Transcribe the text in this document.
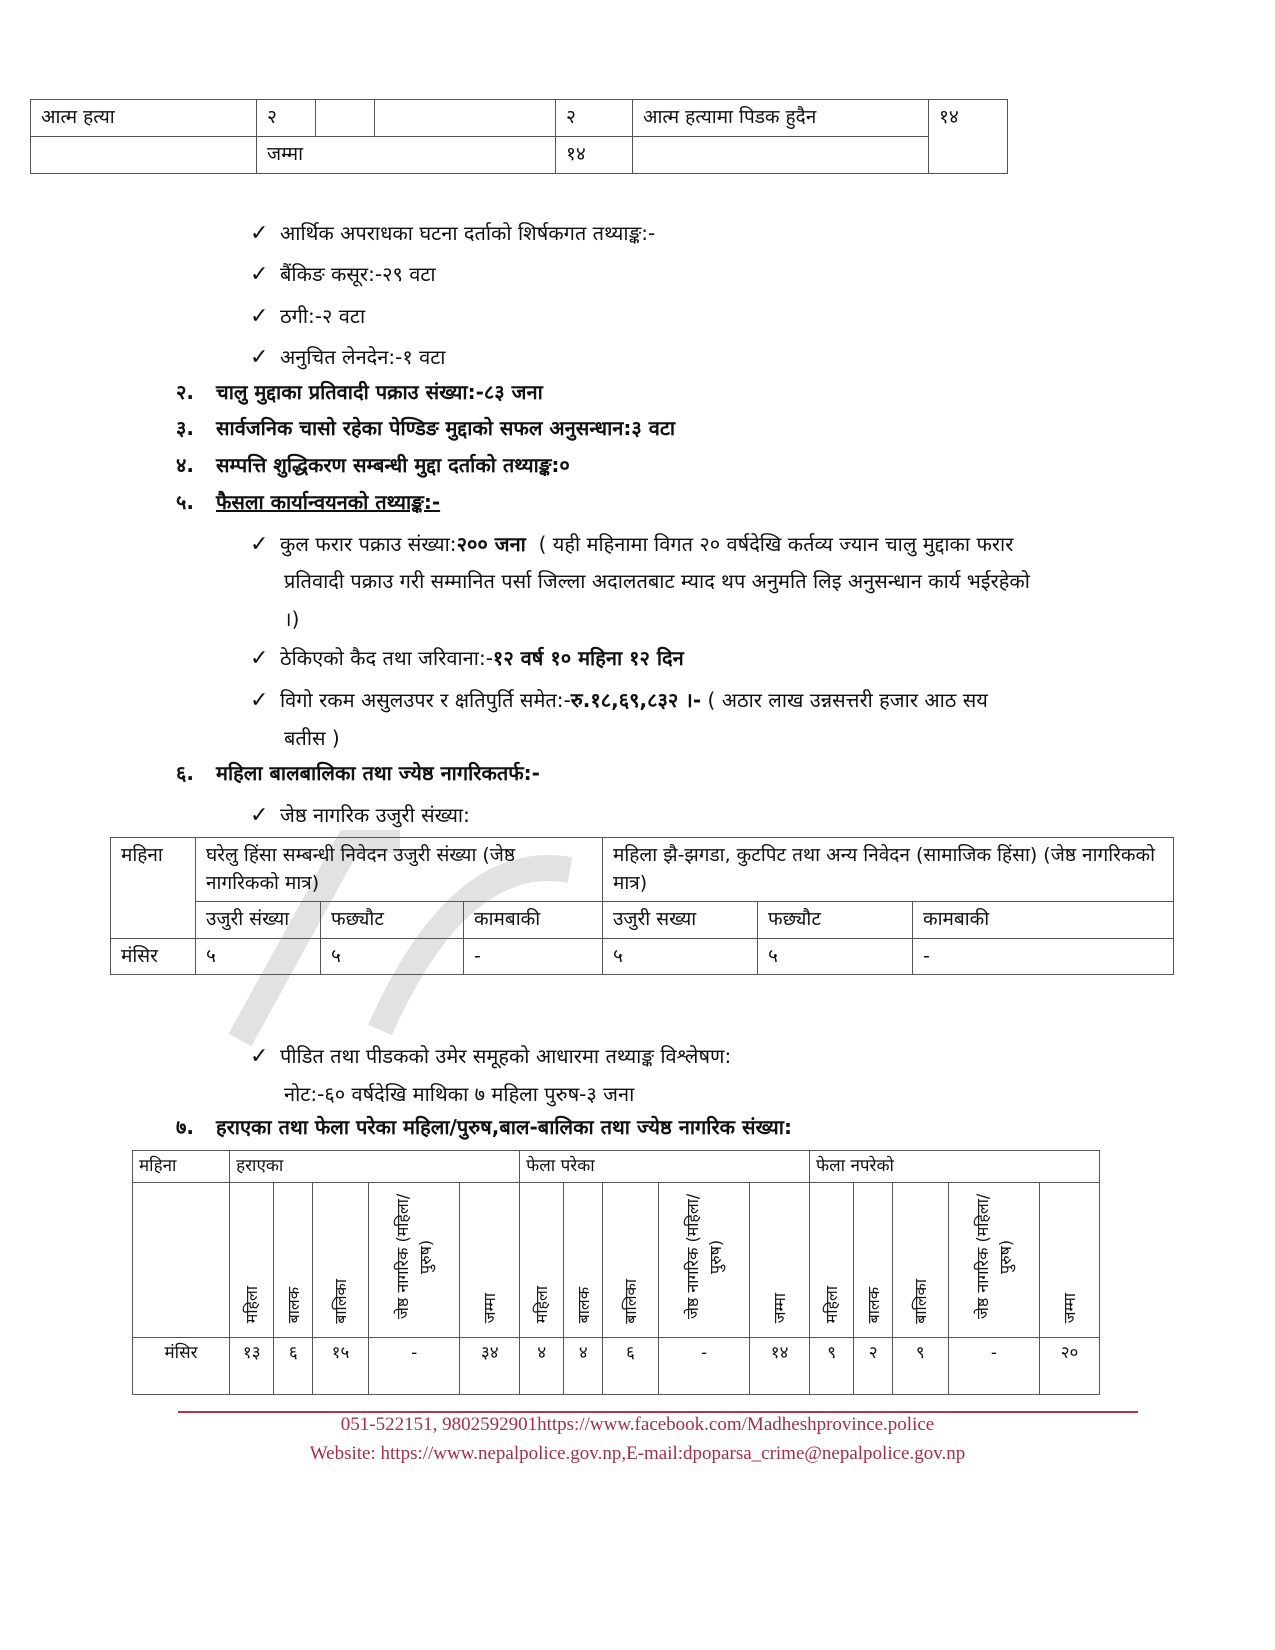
आत्म हत्या	२			२	आत्म हत्यामा पिडक हुदैन	१४
	जम्मा			१४		
✓ आर्थिक अपराधका घटना दर्ताको शिर्षकगत तथ्याङ्क:-
✓ बैंकिङ कसूर:-२९ वटा
✓ ठगी:-२ वटा
✓ अनुचित लेनदेन:-१ वटा
२. चालु मुद्दाका प्रतिवादी पक्राउ संख्या:-८३ जना
३. सार्वजनिक चासो रहेका पेण्डिङ मुद्दाको सफल अनुसन्धान:३ वटा
४. सम्पत्ति शुद्धिकरण सम्बन्धी मुद्दा दर्ताको तथ्याङ्क:०
५. फैसला कार्यान्वयनको तथ्याङ्क:-
✓ कुल फरार पक्राउ संख्या:२०० जना ( यही महिनामा विगत २० वर्षदेखि कर्तव्य ज्यान चालु मुद्दाका फरार
प्रतिवादी पक्राउ गरी सम्मानित पर्सा जिल्ला अदालतबाट म्याद थप अनुमति लिइ अनुसन्धान कार्य भईरहेको
।)
✓ ठेकिएको कैद तथा जरिवाना:-१२ वर्ष १० महिना १२ दिन
✓ विगो रकम असुलउपर र क्षतिपुर्ति समेत:-रु.१८,६९,८३२ ।- ( अठार लाख उन्नसत्तरी हजार आठ सय
बतीस )
६. महिला बालबालिका तथा ज्येष्ठ नागरिकतर्फ:-
✓ जेष्ठ नागरिक उजुरी संख्या:
महिना	घरेलु हिंसा सम्बन्धी निवेदन उजुरी संख्या (जेष्ठ नागरिकको मात्र)			महिला झै-झगडा, कुटपिट तथा अन्य निवेदन (सामाजिक हिंसा) (जेष्ठ नागरिकको मात्र)		
	उजुरी संख्या	फछ्यौट	कामबाकी	उजुरी सख्या	फछ्यौट	कामबाकी
मंसिर	५	५	-	५	५	-
✓ पीडित तथा पीडकको उमेर समूहको आधारमा तथ्याङ्क विश्लेषण:
नोट:-६० वर्षदेखि माथिका ७ महिला पुरुष-३ जना
७. हराएका तथा फेला परेका महिला/पुरुष,बाल-बालिका तथा ज्येष्ठ नागरिक संख्या:
महिना	हराएका					फेला परेका					फेला नपरेको				
	महिला	बालक	बालिका	जेष्ठ नागरिक (महिला/पुरुष)	जम्मा	महिला	बालक	बालिका	जेष्ठ नागरिक (महिला/पुरुष)	जम्मा	महिला	बालक	बालिका	जेष्ठ नागरिक (महिला/पुरुष)	जम्मा
मंसिर	१३	६	१५	-	३४	४	४	६	-	१४	९	२	९	-	२०
051-522151, 9802592901https://www.facebook.com/Madheshprovince.police
Website: https://www.nepalpolice.gov.np,E-mail:dpoparsa_crime@nepalpolice.gov.np
